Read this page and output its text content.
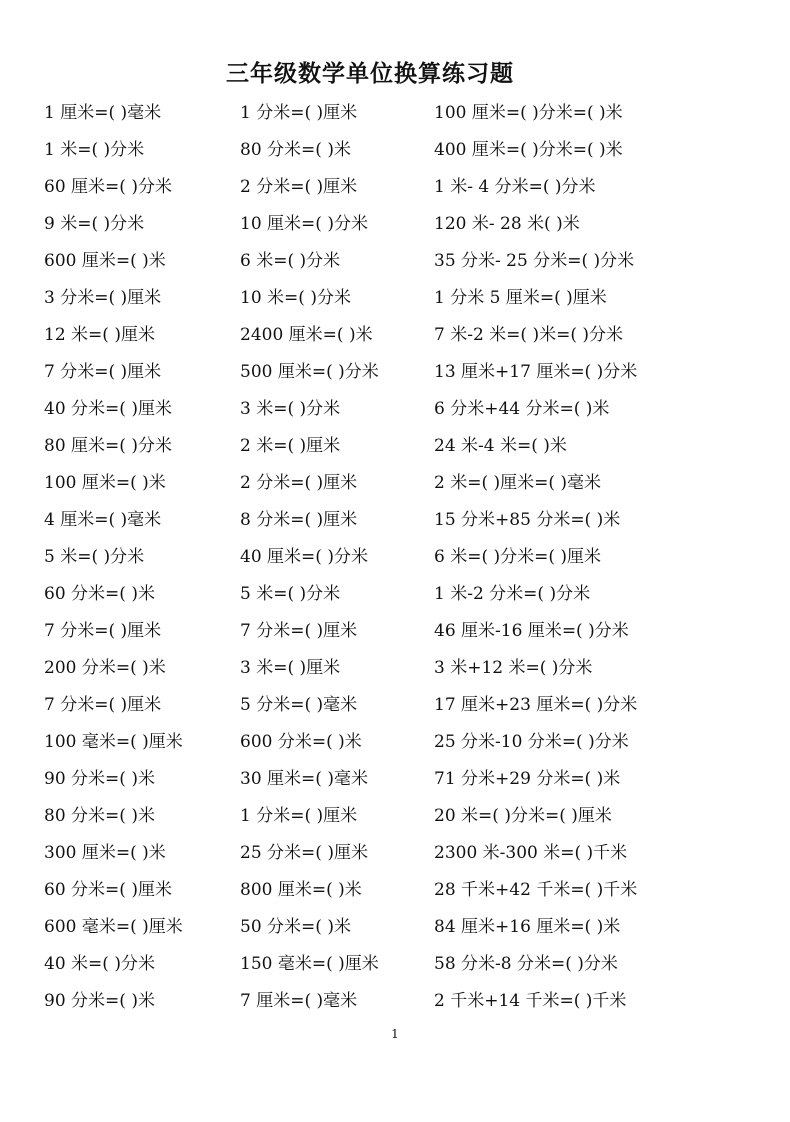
三年级数学单位换算练习题
1 厘米=( )毫米	1 分米=( )厘米	100 厘米=( )分米=( )米
1 米=( )分米	80 分米=( )米	400 厘米=( )分米=( )米
60 厘米=( )分米	2 分米=( )厘米	1 米- 4 分米=( )分米
9 米=( )分米	10 厘米=( )分米	120 米- 28 米( )米
600 厘米=( )米	6 米=( )分米	35 分米- 25 分米=( )分米
3 分米=( )厘米	10 米=( )分米	1 分米 5 厘米=( )厘米
12 米=( )厘米	2400 厘米=( )米	7 米-2 米=( )米=( )分米
7 分米=( )厘米	500 厘米=( )分米	13 厘米+17 厘米=( )分米
40 分米=( )厘米	3 米=( )分米	6 分米+44 分米=( )米
80 厘米=( )分米	2 米=( )厘米	24 米-4 米=( )米
100 厘米=( )米	2 分米=( )厘米	2 米=( )厘米=( )毫米
4 厘米=( )毫米	8 分米=( )厘米	15 分米+85 分米=( )米
5 米=( )分米	40 厘米=( )分米	6 米=( )分米=( )厘米
60 分米=( )米	5 米=( )分米	1 米-2 分米=( )分米
7 分米=( )厘米	7 分米=( )厘米	46 厘米-16 厘米=( )分米
200 分米=( )米	3 米=( )厘米	3 米+12 米=( )分米
7 分米=( )厘米	5 分米=( )毫米	17 厘米+23 厘米=( )分米
100 毫米=( )厘米	600 分米=( )米	25 分米-10 分米=( )分米
90 分米=( )米	30 厘米=( )毫米	71 分米+29 分米=( )米
80 分米=( )米	1 分米=( )厘米	20 米=( )分米=( )厘米
300 厘米=( )米	25 分米=( )厘米	2300 米-300 米=( )千米
60 分米=( )厘米	800 厘米=( )米	28 千米+42 千米=( )千米
600 毫米=( )厘米	50 分米=( )米	84 厘米+16 厘米=( )米
40 米=( )分米	150 毫米=( )厘米	58 分米-8 分米=( )分米
90 分米=( )米	7 厘米=( )毫米	2 千米+14 千米=( )千米
1
